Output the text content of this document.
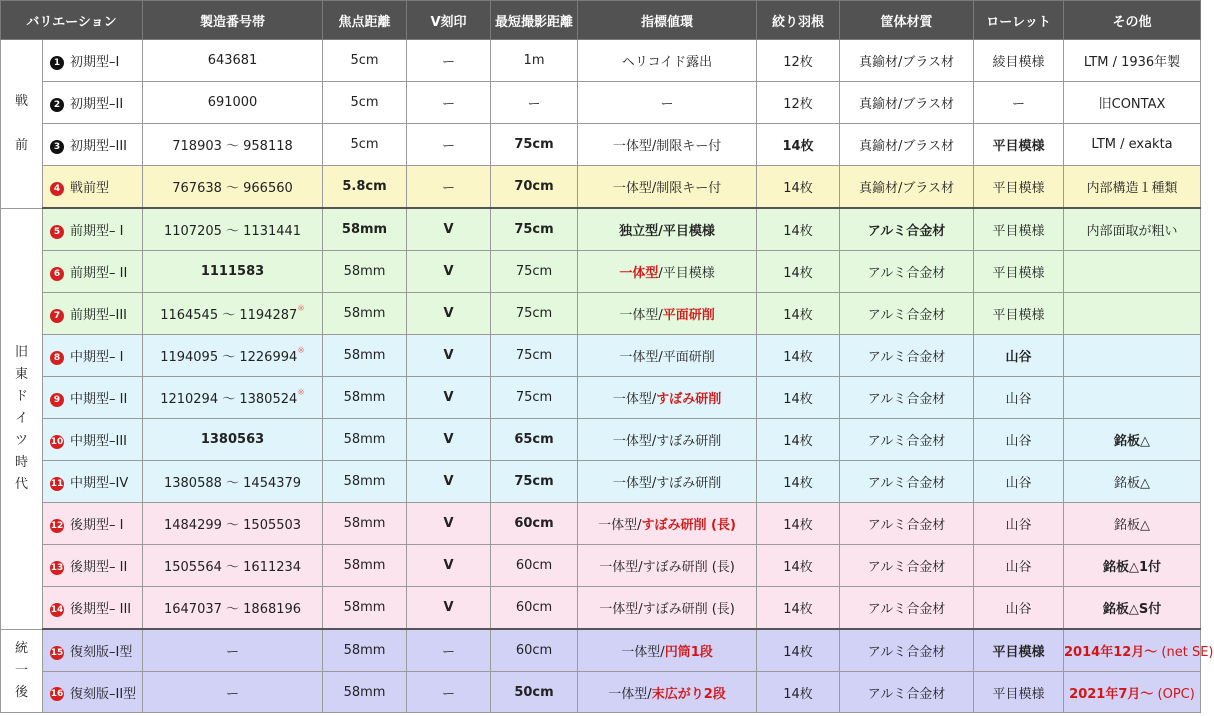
バリエーション		製造番号帯	焦点距離	V刻印	最短撮影距離	指標値環	絞り羽根	筐体材質	ローレット	その他

戦

前	1 初期型–I	643681	5cm	ー	1m	ヘリコイド露出	12枚	真鍮材/ブラス材	綾目模様	LTM / 1936年製
	2 初期型–II	691000	5cm	ー	ー	ー	12枚	真鍮材/ブラス材	ー	旧CONTAX
	3 初期型–III	718903 〜 958118	5cm	ー	75cm	一体型/制限キー付	14枚	真鍮材/ブラス材	平目模様	LTM / exakta
	4 戦前型	767638 〜 966560	5.8cm	ー	70cm	一体型/制限キー付	14枚	真鍮材/ブラス材	平目模様	内部構造１種類

旧東ドイツ時代	5 前期型– I	1107205 〜 1131441	58mm	V	75cm	独立型/平目模様	14枚	アルミ合金材	平目模様	内部面取が粗い
	6 前期型– II	1111583	58mm	V	75cm	一体型/平目模様	14枚	アルミ合金材	平目模様	
	7 前期型–III	1164545 〜 1194287※	58mm	V	75cm	一体型/平面研削	14枚	アルミ合金材	平目模様	
	8 中期型– I	1194095 〜 1226994※	58mm	V	75cm	一体型/平面研削	14枚	アルミ合金材	山谷	
	9 中期型– II	1210294 〜 1380524※	58mm	V	75cm	一体型/すぼみ研削	14枚	アルミ合金材	山谷	
	10 中期型–III	1380563	58mm	V	65cm	一体型/すぼみ研削	14枚	アルミ合金材	山谷	銘板△
	11 中期型–IV	1380588 〜 1454379	58mm	V	75cm	一体型/すぼみ研削	14枚	アルミ合金材	山谷	銘板△
	12 後期型– I	1484299 〜 1505503	58mm	V	60cm	一体型/すぼみ研削 (長)	14枚	アルミ合金材	山谷	銘板△
	13 後期型– II	1505564 〜 1611234	58mm	V	60cm	一体型/すぼみ研削 (長)	14枚	アルミ合金材	山谷	銘板△1付
	14 後期型– III	1647037 〜 1868196	58mm	V	60cm	一体型/すぼみ研削 (長)	14枚	アルミ合金材	山谷	銘板△S付

統一後	15 復刻版–I型	ー	58mm	ー	60cm	一体型/円筒1段	14枚	アルミ合金材	平目模様	2014年12月〜 (net SE)
	16 復刻版–II型	ー	58mm	ー	50cm	一体型/末広がり2段	14枚	アルミ合金材	平目模様	2021年7月〜 (OPC)
